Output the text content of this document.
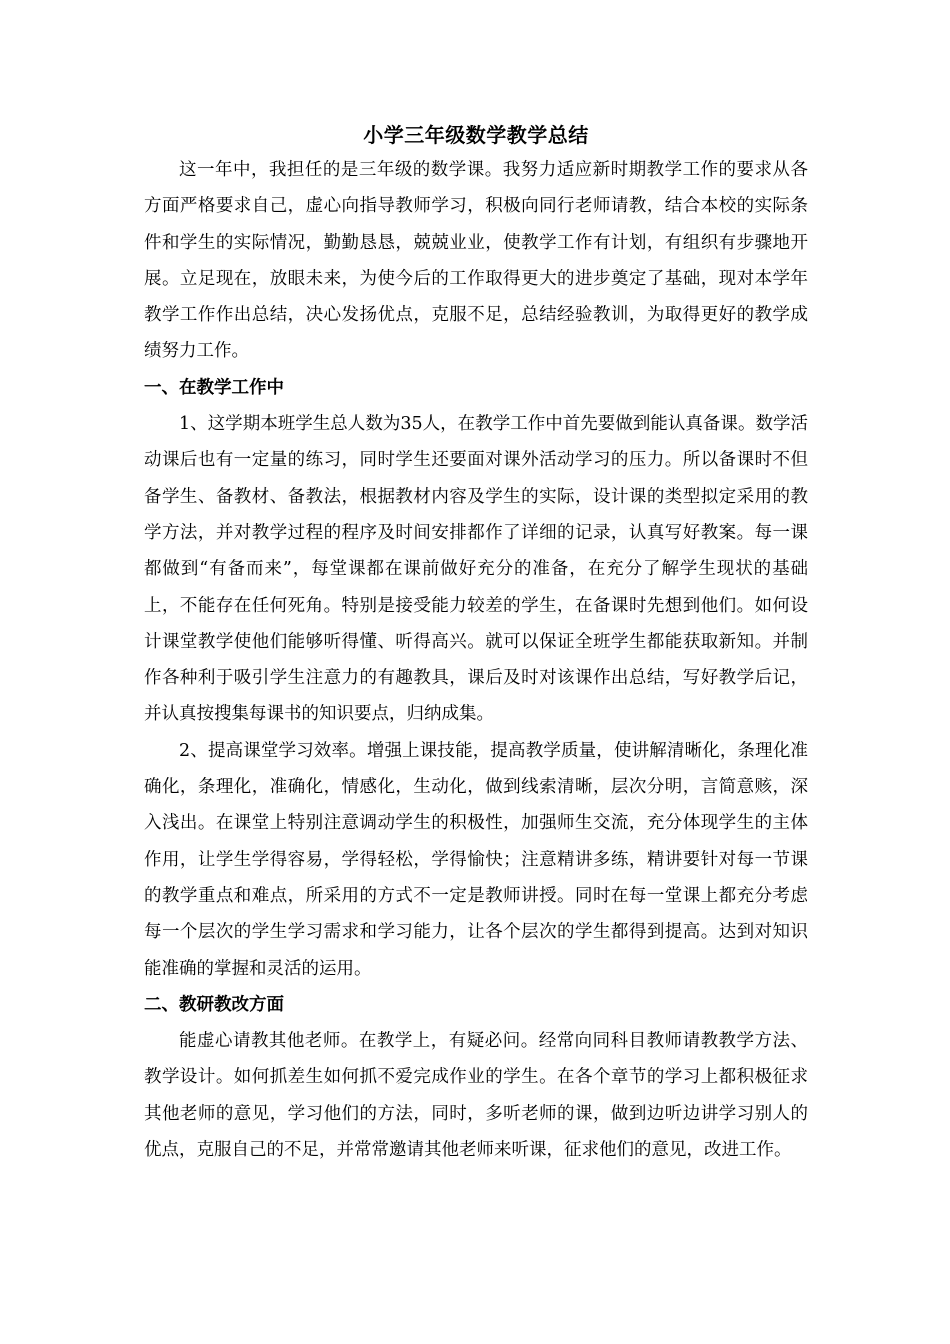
小学三年级数学教学总结

这一年中，我担任的是三年级的数学课。我努力适应新时期教学工作的要求从各方面严格要求自己，虚心向指导教师学习，积极向同行老师请教，结合本校的实际条件和学生的实际情况，勤勤恳恳，兢兢业业，使教学工作有计划，有组织有步骤地开展。立足现在，放眼未来，为使今后的工作取得更大的进步奠定了基础，现对本学年教学工作作出总结，决心发扬优点，克服不足，总结经验教训，为取得更好的教学成绩努力工作。

一、在教学工作中

1、这学期本班学生总人数为35人，在教学工作中首先要做到能认真备课。数学活动课后也有一定量的练习，同时学生还要面对课外活动学习的压力。所以备课时不但备学生、备教材、备教法，根据教材内容及学生的实际，设计课的类型拟定采用的教学方法，并对教学过程的程序及时间安排都作了详细的记录，认真写好教案。每一课都做到“有备而来”，每堂课都在课前做好充分的准备，在充分了解学生现状的基础上，不能存在任何死角。特别是接受能力较差的学生，在备课时先想到他们。如何设计课堂教学使他们能够听得懂、听得高兴。就可以保证全班学生都能获取新知。并制作各种利于吸引学生注意力的有趣教具，课后及时对该课作出总结，写好教学后记，并认真按搜集每课书的知识要点，归纳成集。

2、提高课堂学习效率。增强上课技能，提高教学质量，使讲解清晰化，条理化准确化，条理化，准确化，情感化，生动化，做到线索清晰，层次分明，言简意赅，深入浅出。在课堂上特别注意调动学生的积极性，加强师生交流，充分体现学生的主体作用，让学生学得容易，学得轻松，学得愉快；注意精讲多练，精讲要针对每一节课的教学重点和难点，所采用的方式不一定是教师讲授。同时在每一堂课上都充分考虑每一个层次的学生学习需求和学习能力，让各个层次的学生都得到提高。达到对知识能准确的掌握和灵活的运用。

二、教研教改方面

能虚心请教其他老师。在教学上，有疑必问。经常向同科目教师请教教学方法、教学设计。如何抓差生如何抓不爱完成作业的学生。在各个章节的学习上都积极征求其他老师的意见，学习他们的方法，同时，多听老师的课，做到边听边讲学习别人的优点，克服自己的不足，并常常邀请其他老师来听课，征求他们的意见，改进工作。
